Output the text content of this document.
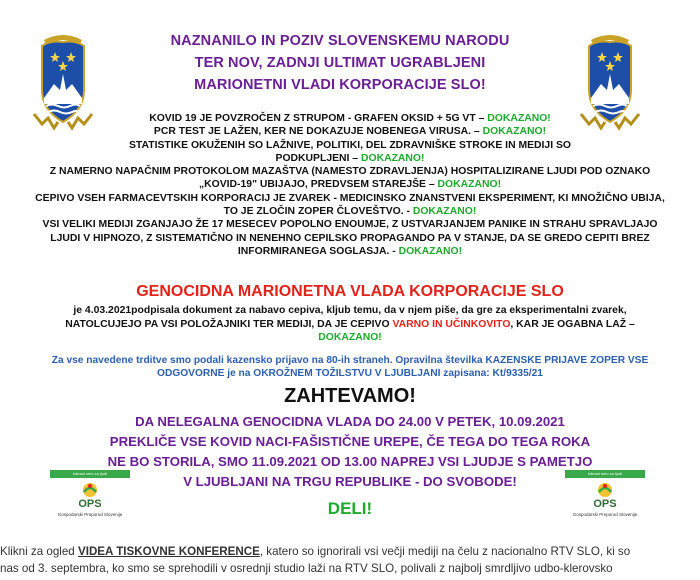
NAZNANILO IN POZIV SLOVENSKEMU NARODU
TER NOV, ZADNJI ULTIMAT UGRABLJENI
MARIONETNI VLADI KORPORACIJE SLO!

KOVID 19 JE POVZROČEN Z STRUPOM - GRAFEN OKSID + 5G VT – DOKAZANO!

PCR TEST JE LAŽEN, KER NE DOKAZUJE NOBENEGA VIRUSA. – DOKAZANO!

STATISTIKE OKUŽENIH SO LAŽNIVE, POLITIKI, DEL ZDRAVNIŠKE STROKE IN MEDIJI SO PODKUPLJENI – DOKAZANO!

Z NAMERNO NAPAČNIM PROTOKOLOM MAZAŠTVA (NAMESTO ZDRAVLJENJA) HOSPITALIZIRANE LJUDI POD OZNAKO „KOVID-19" UBIJAJO, PREDVSEM STAREJŠE – DOKAZANO!

CEPIVO VSEH FARMACEVTSKIH KORPORACIJ JE ZVAREK - MEDICINSKO ZNANSTVENI EKSPERIMENT, KI MNOŽIČNO UBIJA, TO JE ZLOČIN ZOPER ČLOVEŠTVO. - DOKAZANO!

VSI VELIKI MEDIJI ZGANJAJO ŽE 17 MESECEV POPOLNO ENOUMJE, Z USTVARJANJEM PANIKE IN STRAHU SPRAVLJAJO LJUDI V HIPNOZO, Z SISTEMATIČNO IN NENEHNO CEPILSKO PROPAGANDO PA V STANJE, DA SE GREDO CEPITI BREZ INFORMIRANEGA SOGLASJA. - DOKAZANO!

GENOCIDNA MARIONETNA VLADA KORPORACIJE SLO
je 4.03.2021podpisala dokument za nabavo cepiva, kljub temu, da v njem piše, da gre za eksperimentalni zvarek, NATOLCUJEJO PA VSI POLOŽAJNIKI TER MEDIJI, DA JE CEPIVO VARNO IN UČINKOVITO, KAR JE OGABNA LAŽ – DOKAZANO!
Za vse navedene trditve smo podali kazensko prijavo na 80-ih straneh. Opravilna številka KAZENSKE PRIJAVE ZOPER VSE ODGOVORNE je na OKROŽNEM TOŽILSTVU V LJUBLJANI zapisana: Kt/9335/21
ZAHTEVAMO!

DA NELEGALNA GENOCIDNA VLADA DO 24.00 V PETEK, 10.09.2021

PREKLIČE VSE KOVID NACI-FAŠISTIČNE UREPE, ČE TEGA DO TEGA ROKA

NE BO STORILA, SMO 11.09.2021 OD 13.00 NAPREJ VSI LJUDJE S PAMETJO

V LJUBLJANI NA TRGU REPUBLIKE - DO SVOBODE!

Izbrani smo za ljudi
OPS
Gospodarski Preporod Slovenije
Izbrani smo za ljudi
OPS
Gospodarski Preporod Slovenije
DELI!
Klikni za ogled VIDEA TISKOVNE KONFERENCE, katero so ignorirali vsi večji mediji na čelu z nacionalno RTV SLO, ki so
nas od 3. septembra, ko smo se sprehodili v osrednji studio laži na RTV SLO, polivali z najbolj smrdljivo udbo-klerovsko
